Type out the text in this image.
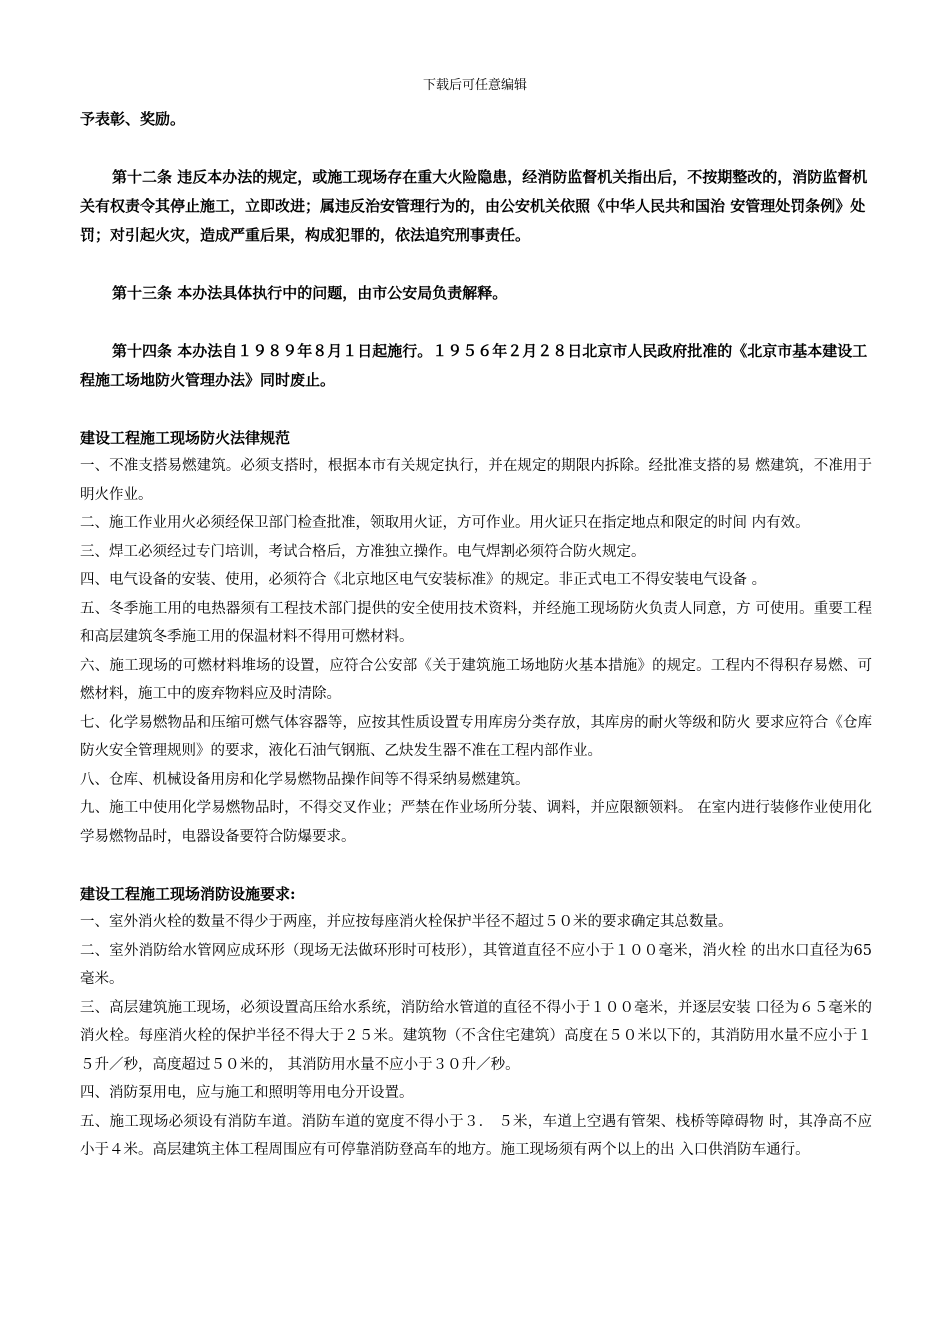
下载后可任意编辑

予表彰、奖励。

第十二条 违反本办法的规定，或施工现场存在重大火险隐患，经消防监督机关指出后，不按期整改的，消防监督机关有权责令其停止施工，立即改进；属违反治安管理行为的，由公安机关依照《中华人民共和国治 安管理处罚条例》处罚；对引起火灾，造成严重后果，构成犯罪的，依法追究刑事责任。

第十三条 本办法具体执行中的问题，由市公安局负责解释。

第十四条 本办法自１９８９年８月１日起施行。１９５６年２月２８日北京市人民政府批准的《北京市基本建设工程施工场地防火管理办法》同时废止。

建设工程施工现场防火法律规范

一、不准支搭易燃建筑。必须支搭时，根据本市有关规定执行，并在规定的期限内拆除。经批准支搭的易 燃建筑，不准用于明火作业。

二、施工作业用火必须经保卫部门检查批准，领取用火证，方可作业。用火证只在指定地点和限定的时间 内有效。

三、焊工必须经过专门培训，考试合格后，方准独立操作。电气焊割必须符合防火规定。

四、电气设备的安装、使用，必须符合《北京地区电气安装标准》的规定。非正式电工不得安装电气设备 。

五、冬季施工用的电热器须有工程技术部门提供的安全使用技术资料，并经施工现场防火负责人同意，方 可使用。重要工程和高层建筑冬季施工用的保温材料不得用可燃材料。

六、施工现场的可燃材料堆场的设置，应符合公安部《关于建筑施工场地防火基本措施》的规定。工程内不得积存易燃、可燃材料，施工中的废弃物料应及时清除。

七、化学易燃物品和压缩可燃气体容器等，应按其性质设置专用库房分类存放，其库房的耐火等级和防火 要求应符合《仓库防火安全管理规则》的要求，液化石油气钢瓶、乙炔发生器不准在工程内部作业。

八、仓库、机械设备用房和化学易燃物品操作间等不得采纳易燃建筑。

九、施工中使用化学易燃物品时，不得交叉作业；严禁在作业场所分装、调料，并应限额领料。 在室内进行装修作业使用化学易燃物品时，电器设备要符合防爆要求。

建设工程施工现场消防设施要求:

一、室外消火栓的数量不得少于两座，并应按每座消火栓保护半径不超过５０米的要求确定其总数量。

二、室外消防给水管网应成环形（现场无法做环形时可枝形），其管道直径不应小于１００毫米，消火栓 的出水口直径为65毫米。

三、高层建筑施工现场，必须设置高压给水系统，消防给水管道的直径不得小于１００毫米，并逐层安装 口径为６５毫米的消火栓。每座消火栓的保护半径不得大于２５米。建筑物（不含住宅建筑）高度在５０米以下的，其消防用水量不应小于１５升／秒，高度超过５０米的， 其消防用水量不应小于３０升／秒。

四、消防泵用电，应与施工和照明等用电分开设置。

五、施工现场必须设有消防车道。消防车道的宽度不得小于３． ５米，车道上空遇有管架、栈桥等障碍物 时，其净高不应小于４米。高层建筑主体工程周围应有可停靠消防登高车的地方。施工现场须有两个以上的出 入口供消防车通行。
